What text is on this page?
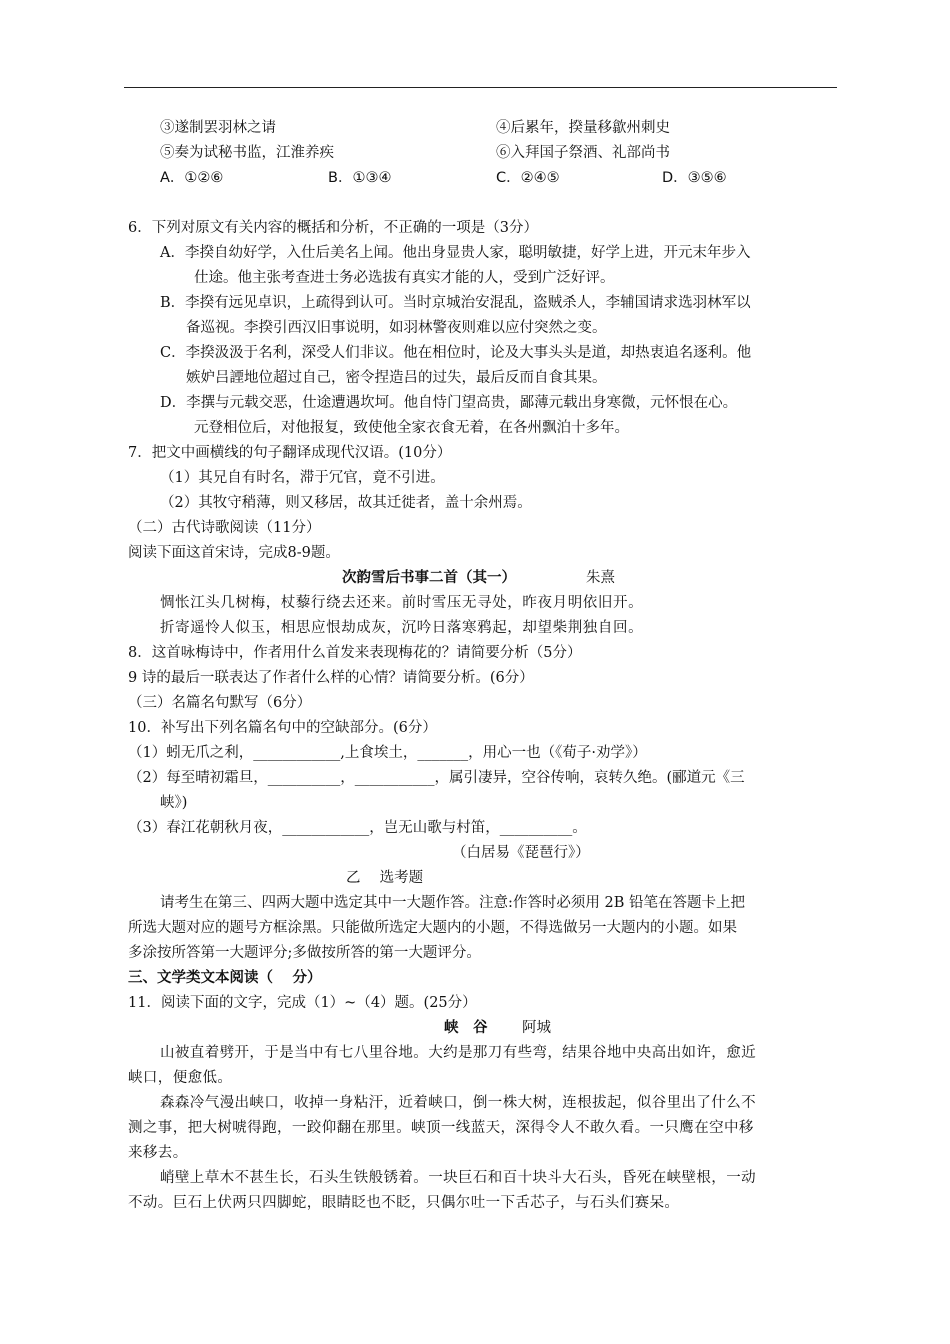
③遂制罢羽林之请	④后累年，揆量移歙州刺史
⑤奏为试秘书监，江淮养疾	⑥入拜国子祭酒、礼部尚书
A．①②⑥	B．①③④	C．②④⑤	D．③⑤⑥
6．下列对原文有关内容的概括和分析，不正确的一项是（3分）
A．李揆自幼好学，入仕后美名上闻。他出身显贵人家，聪明敏捷，好学上进，开元末年步入
仕途。他主张考查进士务必选拔有真实才能的人，受到广泛好评。
B．李揆有远见卓识，上疏得到认可。当时京城治安混乱，盗贼杀人，李辅国请求选羽林军以
备巡视。李揆引西汉旧事说明，如羽林警夜则难以应付突然之变。
C．李揆汲汲于名利，深受人们非议。他在相位时，论及大事头头是道，却热衷追名逐利。他
嫉妒吕諲地位超过自己，密令捏造吕的过失，最后反而自食其果。
D．李撰与元载交恶，仕途遭遇坎坷。他自恃门望高贵，鄙薄元载出身寒微，元怀恨在心。
元登相位后，对他报复，致使他全家衣食无着，在各州飘泊十多年。
7．把文中画横线的句子翻译成现代汉语。(10分）
（1）其兄自有时名，滞于冗官，竟不引进。
（2）其牧守稍薄，则又移居，故其迁徙者，盖十余州焉。
（二）古代诗歌阅读（11分）
阅读下面这首宋诗，完成8-9题。
次韵雪后书事二首（其一）	朱熹
惆怅江头几树梅，杖藜行绕去还来。前时雪压无寻处，昨夜月明依旧开。
折寄遥怜人似玉，相思应恨劫成灰，沉吟日落寒鸦起，却望柴荆独自回。
8．这首咏梅诗中，作者用什么首发来表现梅花的？请简要分析（5分）
9 诗的最后一联表达了作者什么样的心情？请简要分析。(6分）
（三）名篇名句默写（6分）
10．补写出下列名篇名句中的空缺部分。(6分）
（1）蚓无爪之利，____________,上食埃土，_______，用心一也（《荀子·劝学》）
（2）每至晴初霜旦，__________，___________，属引凄异，空谷传响，哀转久绝。(郦道元《三
峡》)
（3）春江花朝秋月夜，____________，岂无山歌与村笛，__________。
（白居易《琵琶行》）
乙　 选考题
请考生在第三、四两大题中选定其中一大题作答。注意:作答时必须用 2B 铅笔在答题卡上把
所选大题对应的题号方框涂黑。只能做所选定大题内的小题，不得选做另一大题内的小题。如果
多涂按所答第一大题评分;多做按所答的第一大题评分。
三、文学类文本阅读（　 分）
11．阅读下面的文字，完成（1）~（4）题。(25分）
峡　谷 阿城
山被直着劈开，于是当中有七八里谷地。大约是那刀有些弯，结果谷地中央高出如许，愈近
峡口，便愈低。
森森冷气漫出峡口，收掉一身粘汗，近着峡口，倒一株大树，连根拔起，似谷里出了什么不
测之事，把大树唬得跑，一跤仰翻在那里。峡顶一线蓝天，深得令人不敢久看。一只鹰在空中移
来移去。
峭壁上草木不甚生长，石头生铁般锈着。一块巨石和百十块斗大石头，昏死在峡壁根，一动
不动。巨石上伏两只四脚蛇，眼睛眨也不眨，只偶尔吐一下舌芯子，与石头们赛呆。
